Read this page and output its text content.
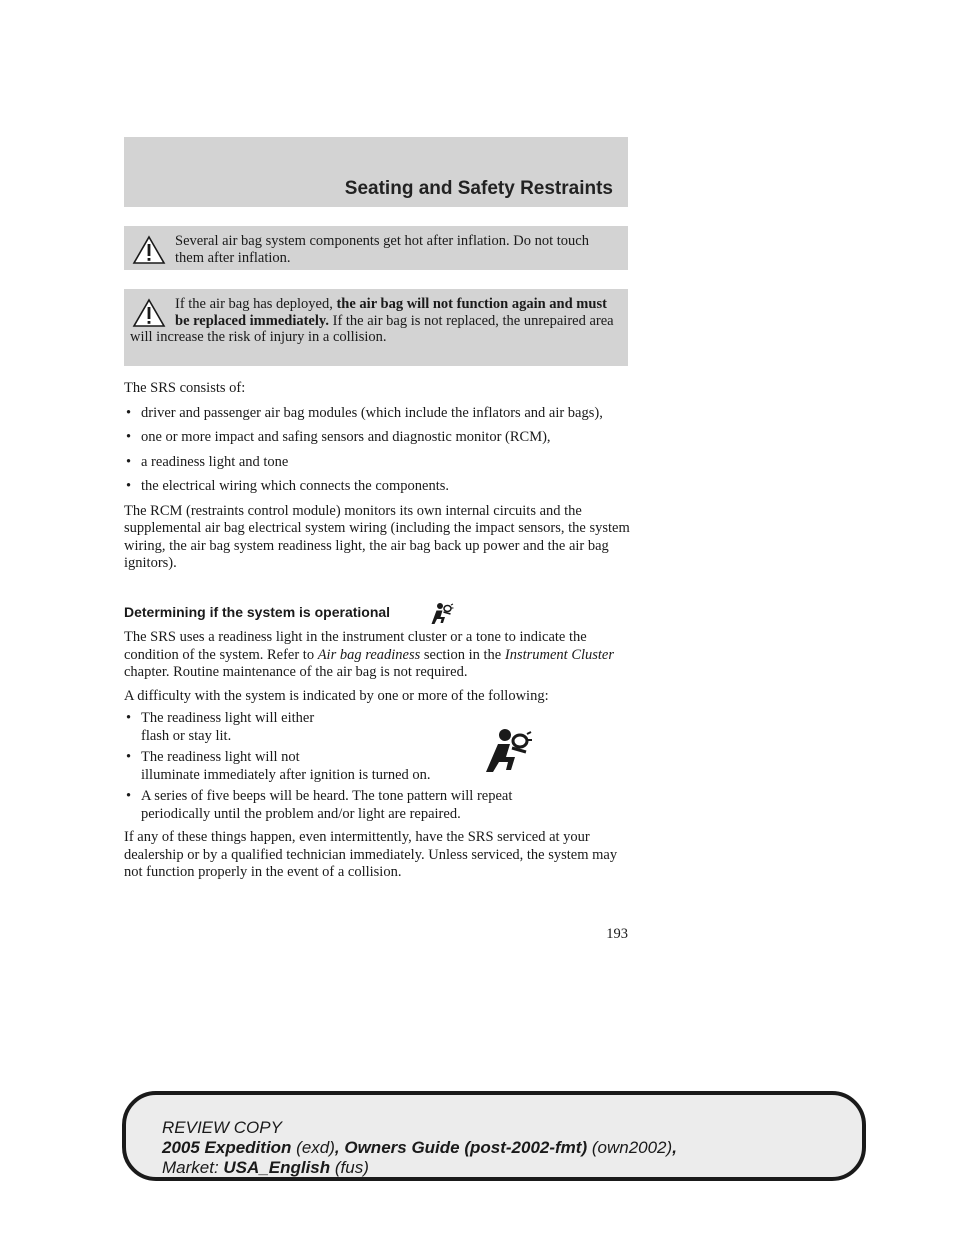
Seating and Safety Restraints

Several air bag system components get hot after inflation. Do not touch them after inflation.

If the air bag has deployed, the air bag will not function again and must be replaced immediately. If the air bag is not replaced, the unrepaired area will increase the risk of injury in a collision.

The SRS consists of:

• driver and passenger air bag modules (which include the inflators and air bags),
• one or more impact and safing sensors and diagnostic monitor (RCM),
• a readiness light and tone
• the electrical wiring which connects the components.

The RCM (restraints control module) monitors its own internal circuits and the supplemental air bag electrical system wiring (including the impact sensors, the system wiring, the air bag system readiness light, the air bag back up power and the air bag ignitors).

Determining if the system is operational

The SRS uses a readiness light in the instrument cluster or a tone to indicate the condition of the system. Refer to Air bag readiness section in the Instrument Cluster chapter. Routine maintenance of the air bag is not required.

A difficulty with the system is indicated by one or more of the following:

• The readiness light will either
flash or stay lit.
• The readiness light will not
illuminate immediately after ignition is turned on.
• A series of five beeps will be heard. The tone pattern will repeat
periodically until the problem and/or light are repaired.

If any of these things happen, even intermittently, have the SRS serviced at your dealership or by a qualified technician immediately. Unless serviced, the system may not function properly in the event of a collision.

193

REVIEW COPY

2005 Expedition (exd), Owners Guide (post-2002-fmt) (own2002),

Market: USA_English (fus)
